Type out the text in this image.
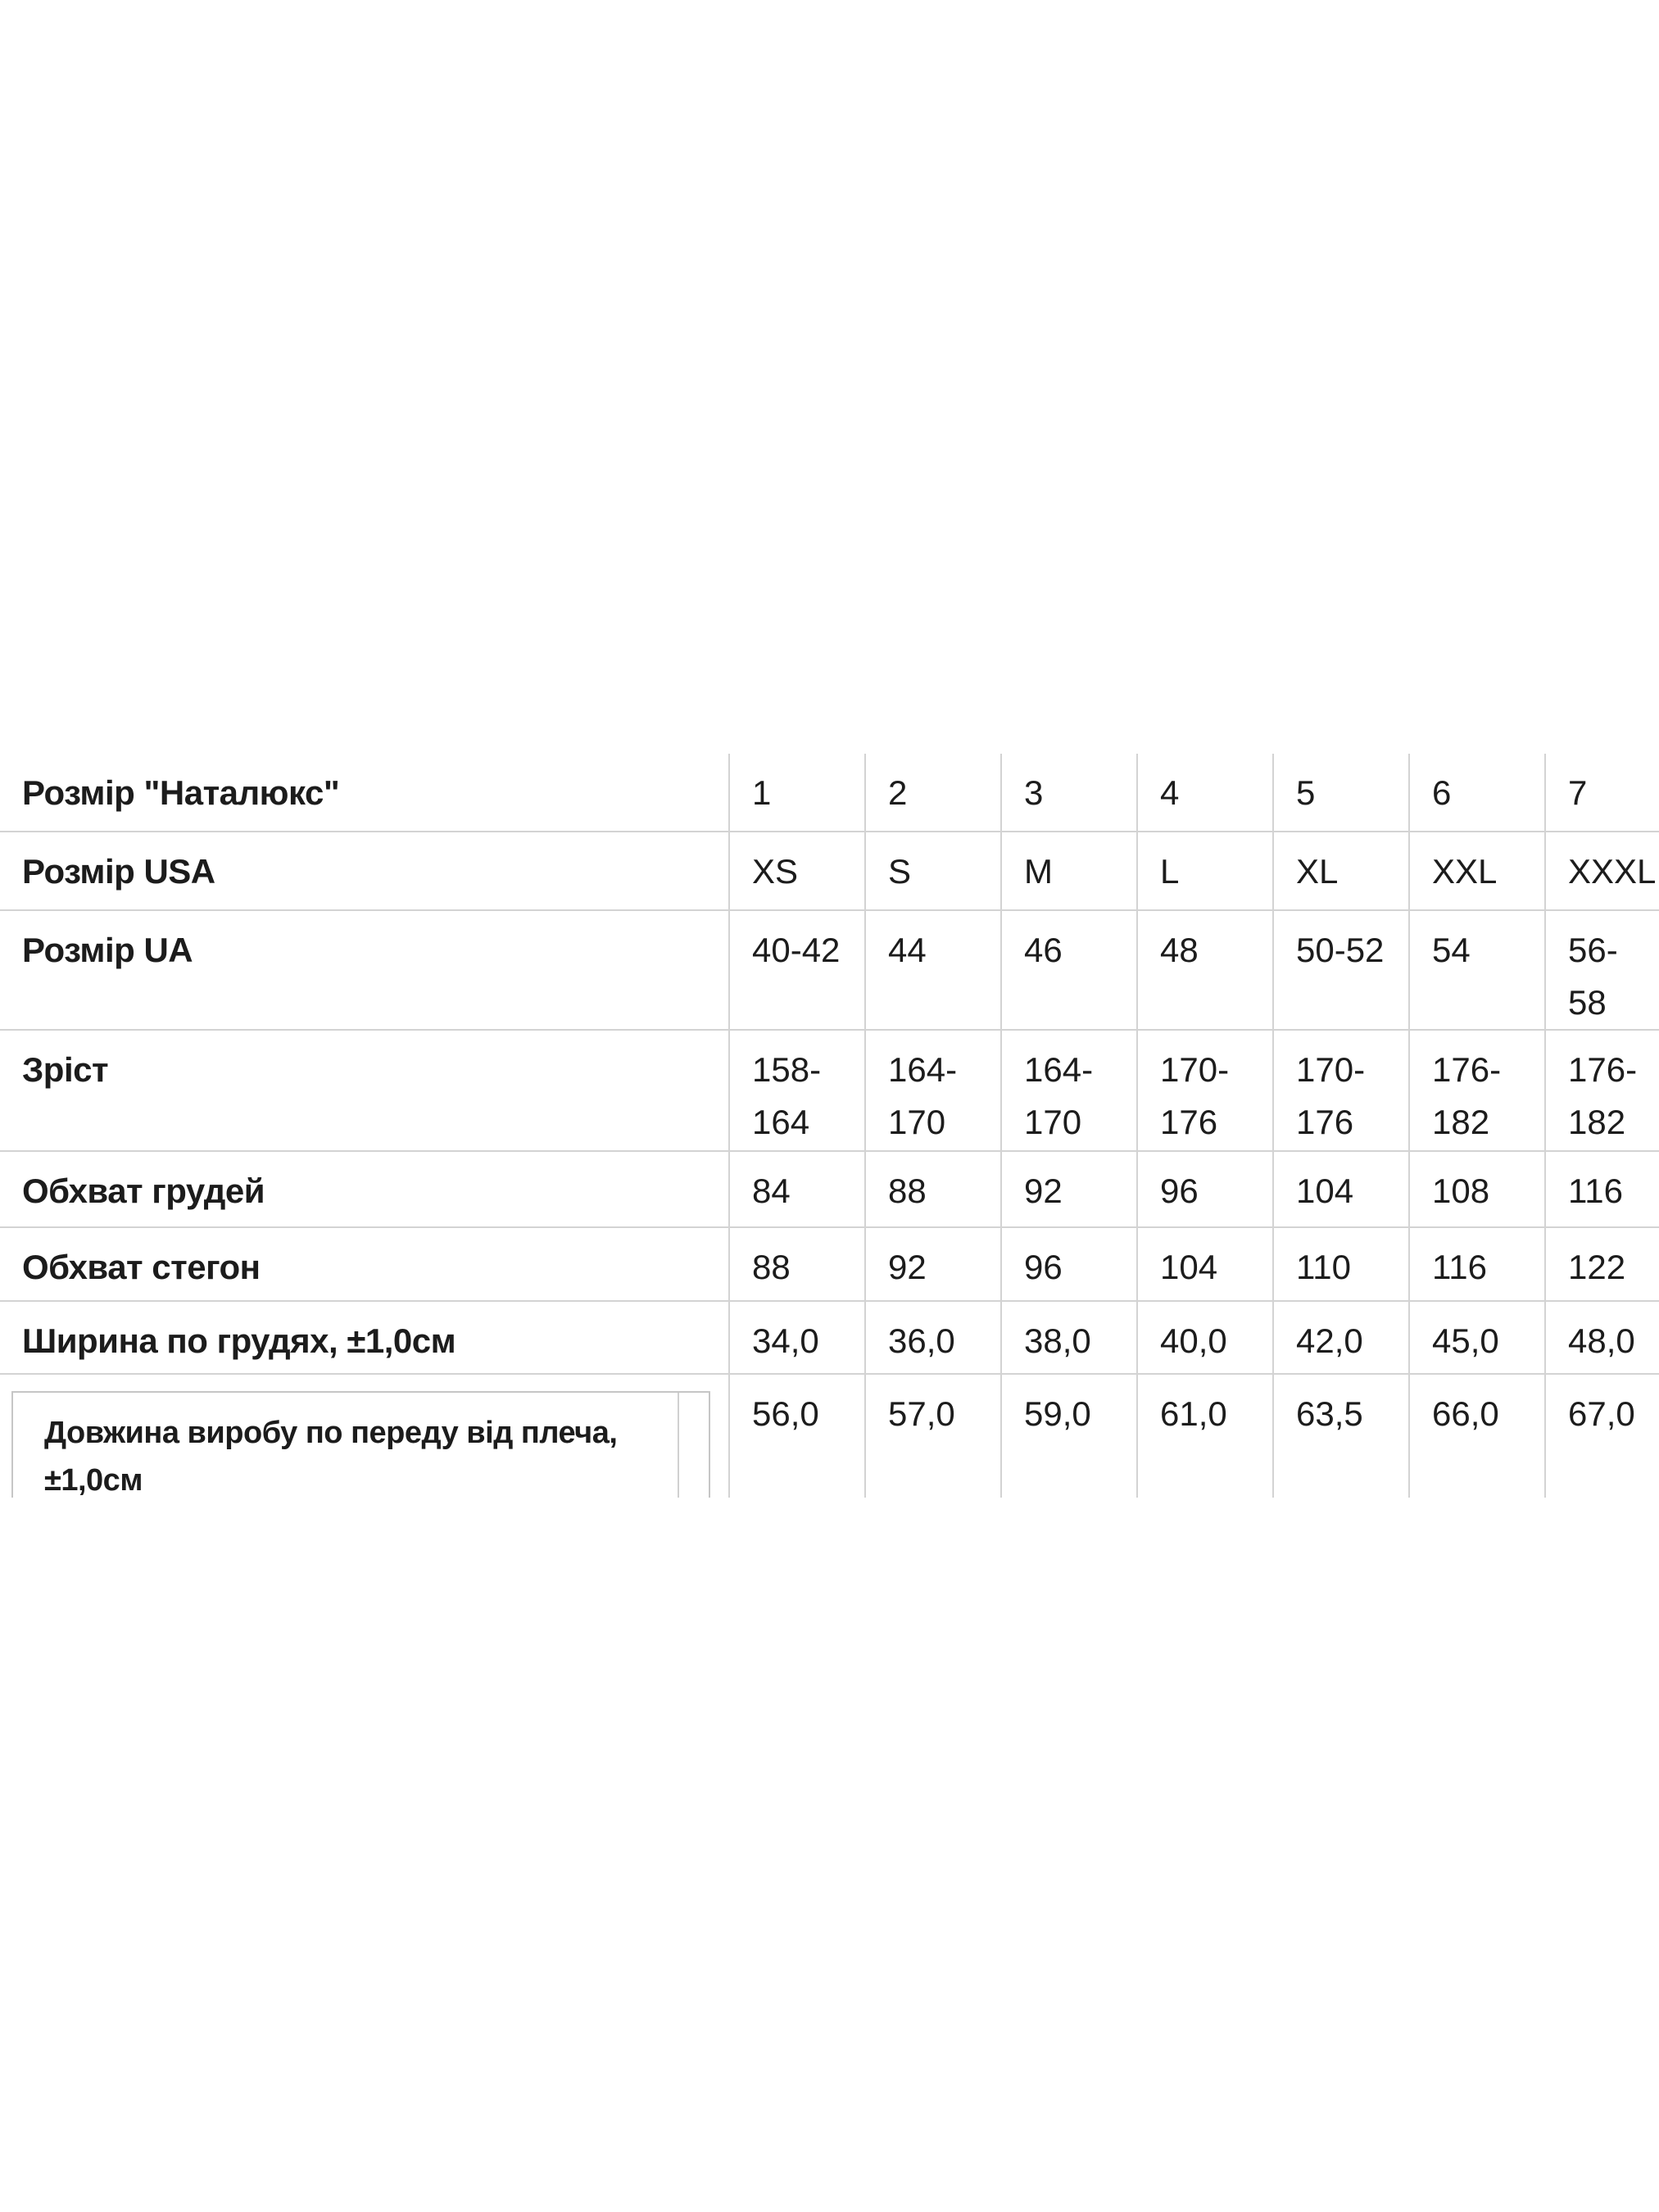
Розмір "Наталюкс"	1	2	3	4	5	6	7
Розмір USA	XS	S	M	L	XL	XXL	XXXL
Розмір UA	40-42	44	46	48	50-52	54	56-58
Зріст	158-164	164-170	164-170	170-176	170-176	176-182	176-182
Обхват грудей	84	88	92	96	104	108	116
Обхват стегон	88	92	96	104	110	116	122
Ширина по грудях, ±1,0см	34,0	36,0	38,0	40,0	42,0	45,0	48,0

Довжина виробу по переду від плеча, ±1,0см	56,0	57,0	59,0	61,0	63,5	66,0	67,0
